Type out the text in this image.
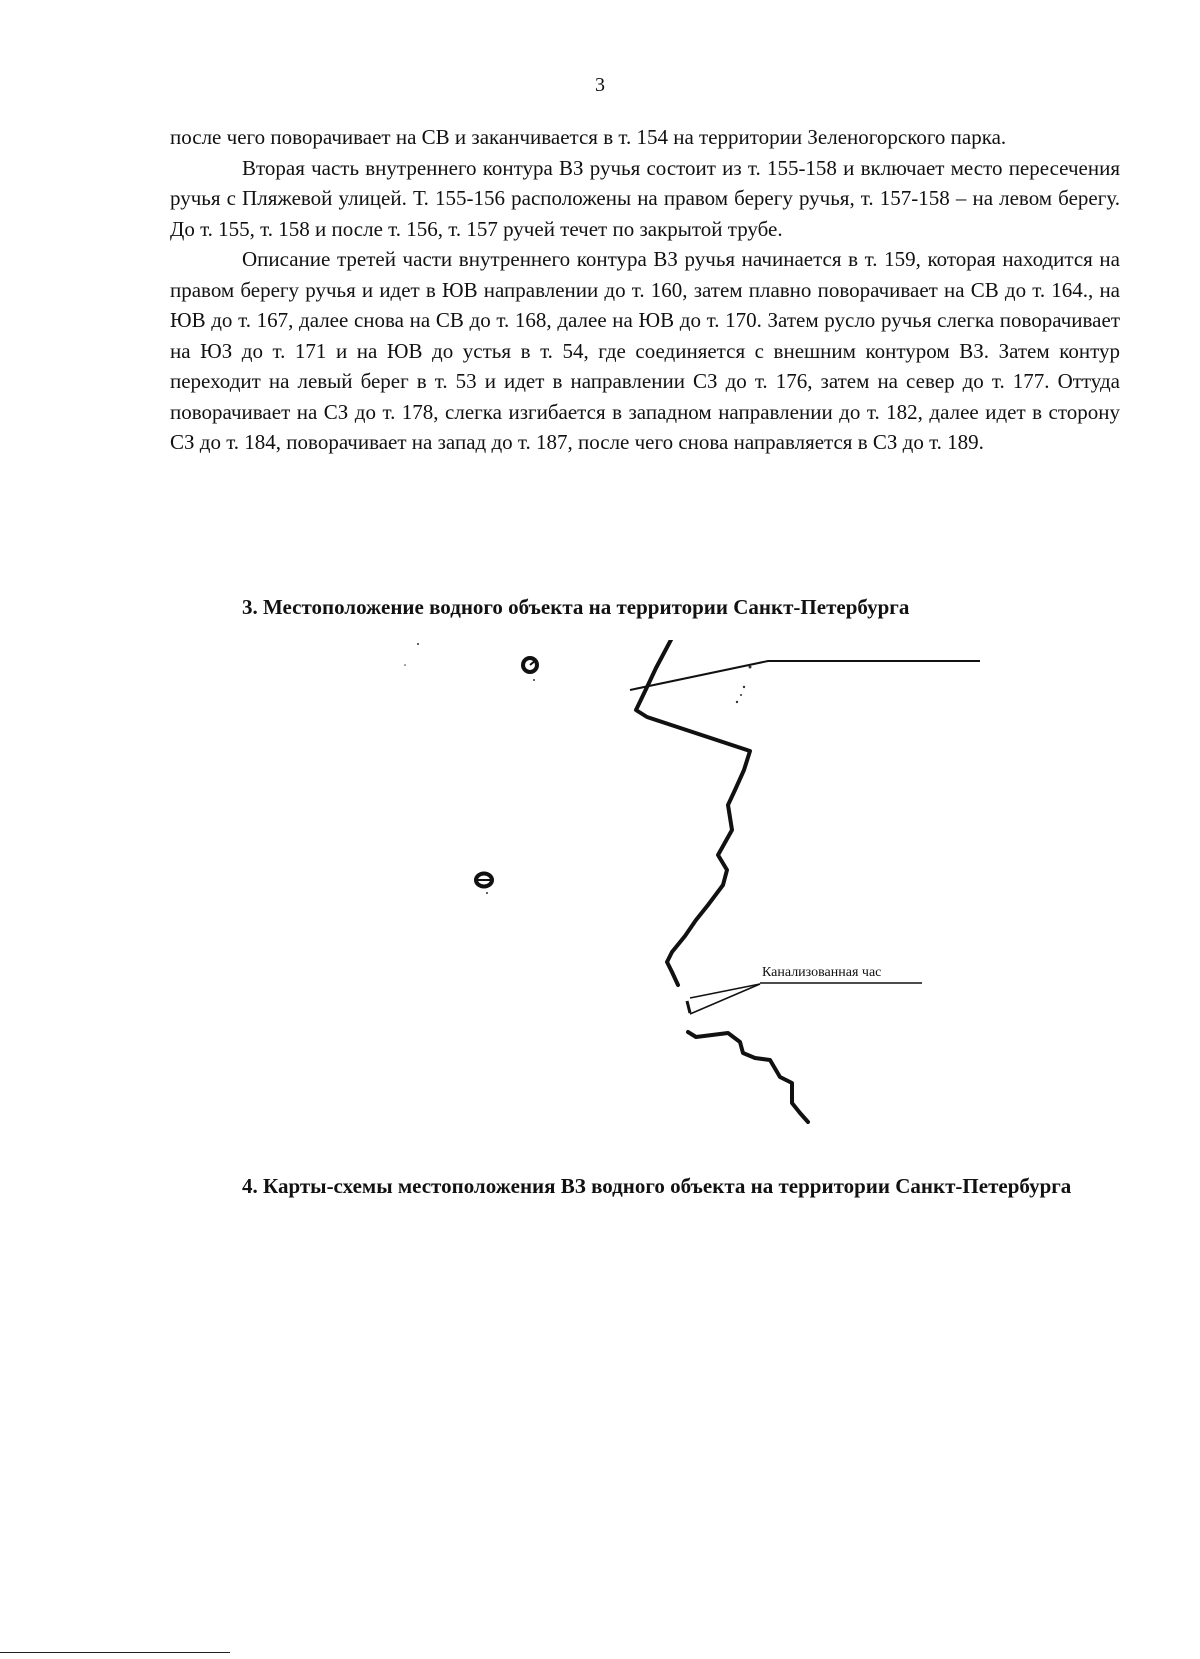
3

после чего поворачивает на СВ и заканчивается в т. 154 на территории Зеленогорского парка.

Вторая часть внутреннего контура ВЗ ручья состоит из т. 155-158 и включает место пересечения ручья с Пляжевой улицей. Т. 155-156 расположены на правом берегу ручья, т. 157-158 – на левом берегу. До т. 155, т. 158 и после т. 156, т. 157 ручей течет по закрытой трубе.

Описание третей части внутреннего контура ВЗ ручья начинается в т. 159, которая находится на правом берегу ручья и идет в ЮВ направлении до т. 160, затем плавно поворачивает на СВ до т. 164., на ЮВ до т. 167, далее снова на СВ до т. 168, далее на ЮВ до т. 170. Затем русло ручья слегка поворачивает на ЮЗ до т. 171 и на ЮВ до устья в т. 54, где соединяется с внешним контуром ВЗ. Затем контур переходит на левый берег в т. 53 и идет в направлении СЗ до т. 176, затем на север до т. 177. Оттуда поворачивает на СЗ до т. 178, слегка изгибается в западном направлении до т. 182, далее идет в сторону СЗ до т. 184, поворачивает на запад до т. 187, после чего снова направляется в СЗ до т. 189.

3. Местоположение водного объекта на территории Санкт-Петербурга
Канализованная час
4. Карты-схемы местоположения ВЗ водного объекта на территории Санкт-Петербурга
